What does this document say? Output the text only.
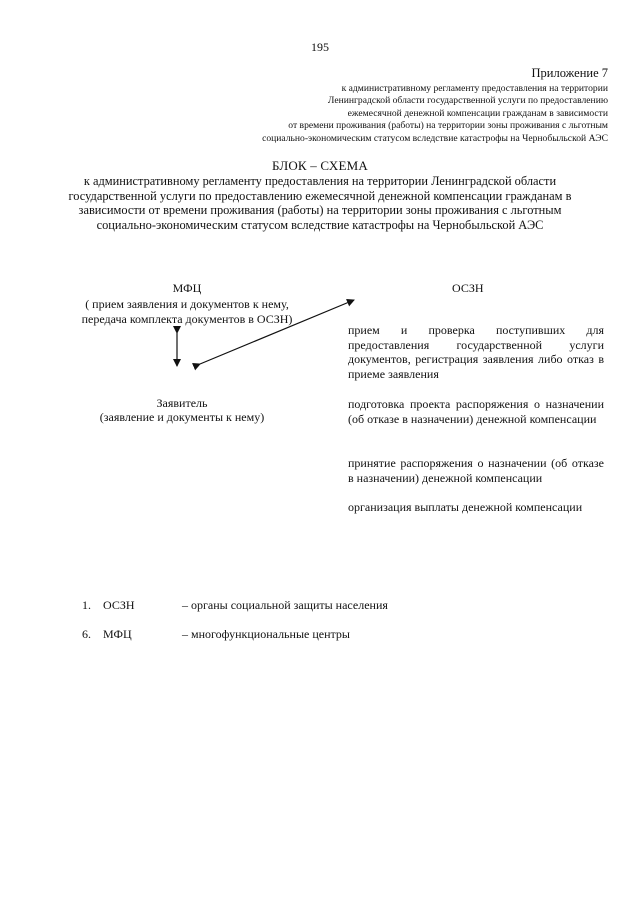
195
Приложение 7
к административному регламенту предоставления на территории
Ленинградской области государственной услуги по предоставлению
ежемесячной денежной компенсации гражданам в зависимости
от времени проживания (работы) на территории зоны проживания с льготным
социально-экономическим статусом вследствие катастрофы на Чернобыльской АЭС
БЛОК – СХЕМА
к административному регламенту предоставления на территории Ленинградской области
государственной услуги по предоставлению ежемесячной денежной компенсации гражданам в
зависимости от времени проживания (работы) на территории зоны проживания с льготным
социально-экономическим статусом вследствие катастрофы на Чернобыльской АЭС
МФЦ
( прием заявления и документов к нему,
передача комплекта документов в ОСЗН)
ОСЗН
Заявитель
(заявление и документы к нему)
прием и проверка поступивших для предоставления государственной услуги документов, регистрация заявления либо отказ в приеме заявления
подготовка проекта распоряжения о назначении (об отказе в назначении) денежной компенсации
принятие распоряжения о назначении (об отказе в назначении) денежной компенсации
организация выплаты денежной компенсации
1. ОСЗН	– органы социальной защиты населения
6. МФЦ	– многофункциональные центры
